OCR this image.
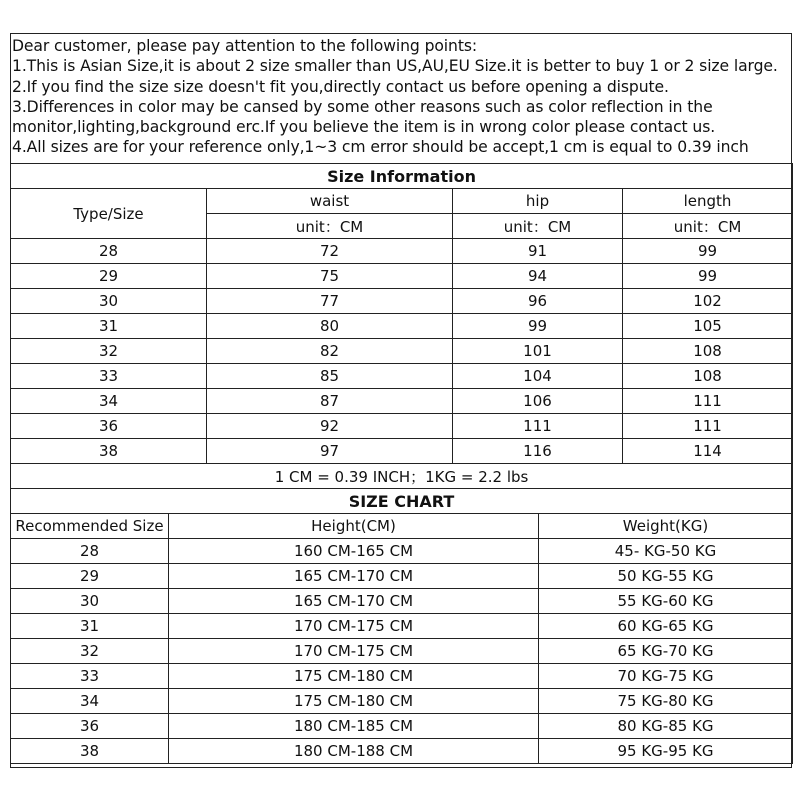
Dear customer, please pay attention to the following points:
1.This is Asian Size,it is about 2 size smaller than US,AU,EU Size.it is better to buy 1 or 2 size large.
2.If you find the size size doesn't fit you,directly contact us before opening a dispute.
3.Differences in color may be cansed by some other reasons such as color reflection in the
monitor,lighting,background erc.If you believe the item is in wrong color please contact us.
4.All sizes are for your reference only,1~3 cm error should be accept,1 cm is equal to 0.39 inch
Size Information			
Type/Size	waist	hip	length
	unit：CM	unit：CM	unit：CM
28	72	91	99
29	75	94	99
30	77	96	102
31	80	99	105
32	82	101	108
33	85	104	108
34	87	106	111
36	92	111	111
38	97	116	114
1 CM = 0.39 INCH；1KG = 2.2 lbs			
SIZE CHART		
Recommended Size	Height(CM)	Weight(KG)
28	160 CM-165 CM	45- KG-50 KG
29	165 CM-170 CM	50 KG-55 KG
30	165 CM-170 CM	55 KG-60 KG
31	170 CM-175 CM	60 KG-65 KG
32	170 CM-175 CM	65 KG-70 KG
33	175 CM-180 CM	70 KG-75 KG
34	175 CM-180 CM	75 KG-80 KG
36	180 CM-185 CM	80 KG-85 KG
38	180 CM-188 CM	95 KG-95 KG
